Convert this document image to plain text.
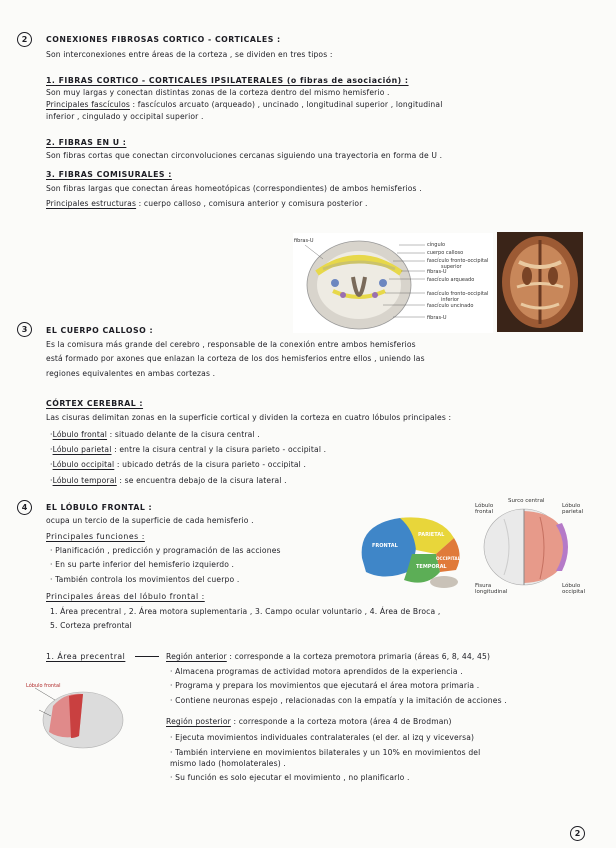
2	CONEXIONES FIBROSAS CORTICO - CORTICALES :
Son interconexiones entre áreas de la corteza , se dividen en tres tipos :
1. FIBRAS CORTICO - CORTICALES IPSILATERALES (o fibras de asociación) :
Son muy largas y conectan distintas zonas de la corteza dentro del mismo hemisferio .
Principales fascículos : fascículos arcuato (arqueado) , uncinado , longitudinal superior , longitudinal
inferior , cingulado y occipital superior .
2. FIBRAS EN U :
Son fibras cortas que conectan circonvoluciones cercanas siguiendo una trayectoria en forma de U .
3. FIBRAS COMISURALES :
Son fibras largas que conectan áreas homeotópicas (correspondientes) de ambos hemisferios .
Principales estructuras : cuerpo calloso , comisura anterior y comisura posterior .
fibras-U
cíngulo
cuerpo calloso
fascículo fronto-occipital
superior
fibras-U
fascículo arqueado
fascículo fronto-occipital
inferior
fascículo uncinado
fibras-U
3	EL CUERPO CALLOSO :
Es la comisura más grande del cerebro , responsable de la conexión entre ambos hemisferios
está formado por axones que enlazan la corteza de los dos hemisferios entre ellos , uniendo las
regiones equivalentes en ambas cortezas .
CÓRTEX CEREBRAL :
Las cisuras delimitan zonas en la superficie cortical y dividen la corteza en cuatro lóbulos principales :
·Lóbulo frontal : situado delante de la cisura central .
·Lóbulo parietal : entre la cisura central y la cisura parieto - occipital .
·Lóbulo occipital : ubicado detrás de la cisura parieto - occipital .
·Lóbulo temporal : se encuentra debajo de la cisura lateral .
4	EL LÓBULO FRONTAL :
ocupa un tercio de la superficie de cada hemisferio .
Principales funciones :
· Planificación , predicción y programación de las acciones
· En su parte inferior del hemisferio izquierdo .
· También controla los movimientos del cuerpo .
Principales áreas del lóbulo frontal :
1. Área precentral , 2. Área motora suplementaria , 3. Campo ocular voluntario , 4. Área de Broca ,
5. Corteza prefrontal
FRONTAL
PARIETAL
OCCIPITAL
TEMPORAL
Surco central
Lóbulo frontal
Lóbulo parietal
Fisura longitudinal
Lóbulo occipital
Lóbulo frontal
1. Área precentral	Región anterior : corresponde a la corteza premotora primaria (áreas 6, 8, 44, 45)
· Almacena programas de actividad motora aprendidos de la experiencia .
· Programa y prepara los movimientos que ejecutará el área motora primaria .
· Contiene neuronas espejo , relacionadas con la empatía y la imitación de acciones .
Región posterior : corresponde a la corteza motora (área 4 de Brodman)
· Ejecuta movimientos individuales contralaterales (el der. al izq y viceversa)
· También interviene en movimientos bilaterales y un 10% en movimientos del
mismo lado (homolaterales) .
· Su función es solo ejecutar el movimiento , no planificarlo .
2
